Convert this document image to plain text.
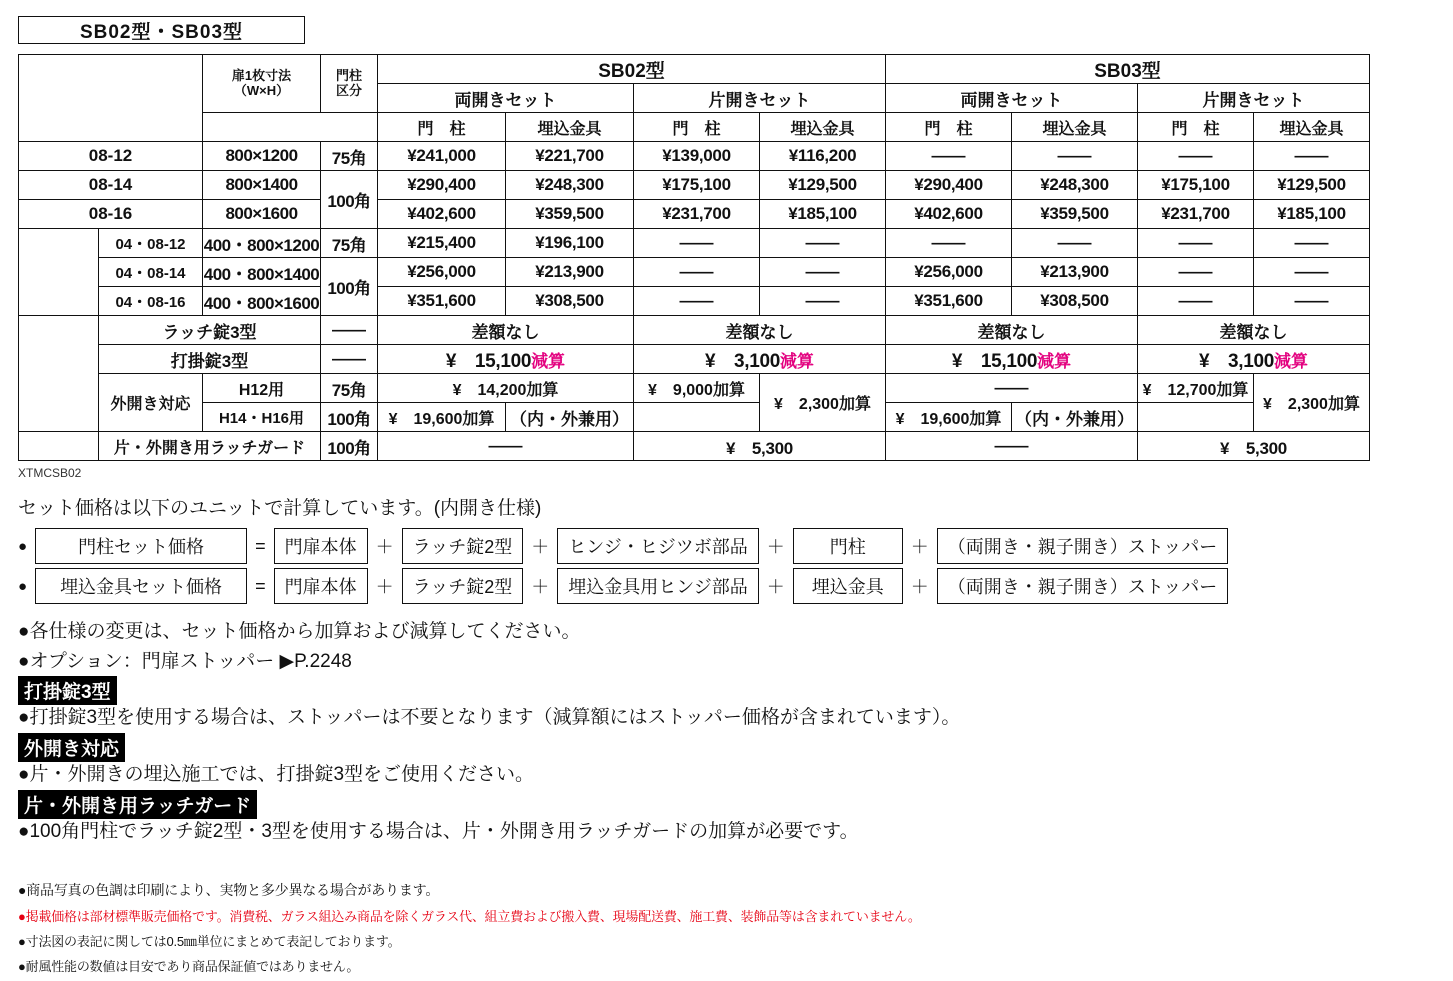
SB02型・SB03型
呼　称		扉1枚寸法
（W×H）	門柱
区分	SB02型				SB03型			
				両開きセット		片開きセット		両開きセット		片開きセット	
				門　柱	埋込金具	門　柱	埋込金具	門　柱	埋込金具	門　柱	埋込金具
08-12		800×1200	75角	¥241,000	¥221,700	¥139,000	¥116,200	——	——	——	——
08-14		800×1400	100角	¥290,400	¥248,300	¥175,100	¥129,500	¥290,400	¥248,300	¥175,100	¥129,500
08-16		800×1600		¥402,600	¥359,500	¥231,700	¥185,100	¥402,600	¥359,500	¥231,700	¥185,100
親　子	04・08-12	400・800×1200	75角	¥215,400	¥196,100	——	——	——	——	——	——
	04・08-14	400・800×1400	100角	¥256,000	¥213,900	——	——	¥256,000	¥213,900	——	——
	04・08-16	400・800×1600		¥351,600	¥308,500	——	——	¥351,600	¥308,500	——	——
選　択	ラッチ錠3型		——	差額なし		差額なし		差額なし		差額なし	
	打掛錠3型		——	¥　15,100減算		¥　3,100減算		¥　15,100減算		¥　3,100減算	
	外開き対応	H12用	75角	¥　14,200加算		¥　9,000加算	¥　2,300加算	——		¥　12,700加算	¥　2,300加算
		H14・H16用	100角	¥　19,600加算	（内・外兼用）			¥　19,600加算	（内・外兼用）		
別売品	片・外開き用ラッチガード		100角	——		¥　5,300		——		¥　5,300	
XTMCSB02
セット価格は以下のユニットで計算しています。(内開き仕様)
●	門柱セット価格	=	門扉本体	＋	ラッチ錠2型	＋	ヒンジ・ヒジツボ部品	＋	門柱	＋	（両開き・親子開き）ストッパー
●	埋込金具セット価格	=	門扉本体	＋	ラッチ錠2型	＋	埋込金具用ヒンジ部品	＋	埋込金具	＋	（両開き・親子開き）ストッパー
●各仕様の変更は、セット価格から加算および減算してください。
●オプション：門扉ストッパー ▶P.2248
打掛錠3型
●打掛錠3型を使用する場合は、ストッパーは不要となります（減算額にはストッパー価格が含まれています）。
外開き対応
●片・外開きの埋込施工では、打掛錠3型をご使用ください。
片・外開き用ラッチガード
●100角門柱でラッチ錠2型・3型を使用する場合は、片・外開き用ラッチガードの加算が必要です。
●商品写真の色調は印刷により、実物と多少異なる場合があります。
●掲載価格は部材標準販売価格です。消費税、ガラス組込み商品を除くガラス代、組立費および搬入費、現場配送費、施工費、装飾品等は含まれていません。
●寸法図の表記に関しては0.5㎜単位にまとめて表記しております。
●耐風性能の数値は目安であり商品保証値ではありません。
